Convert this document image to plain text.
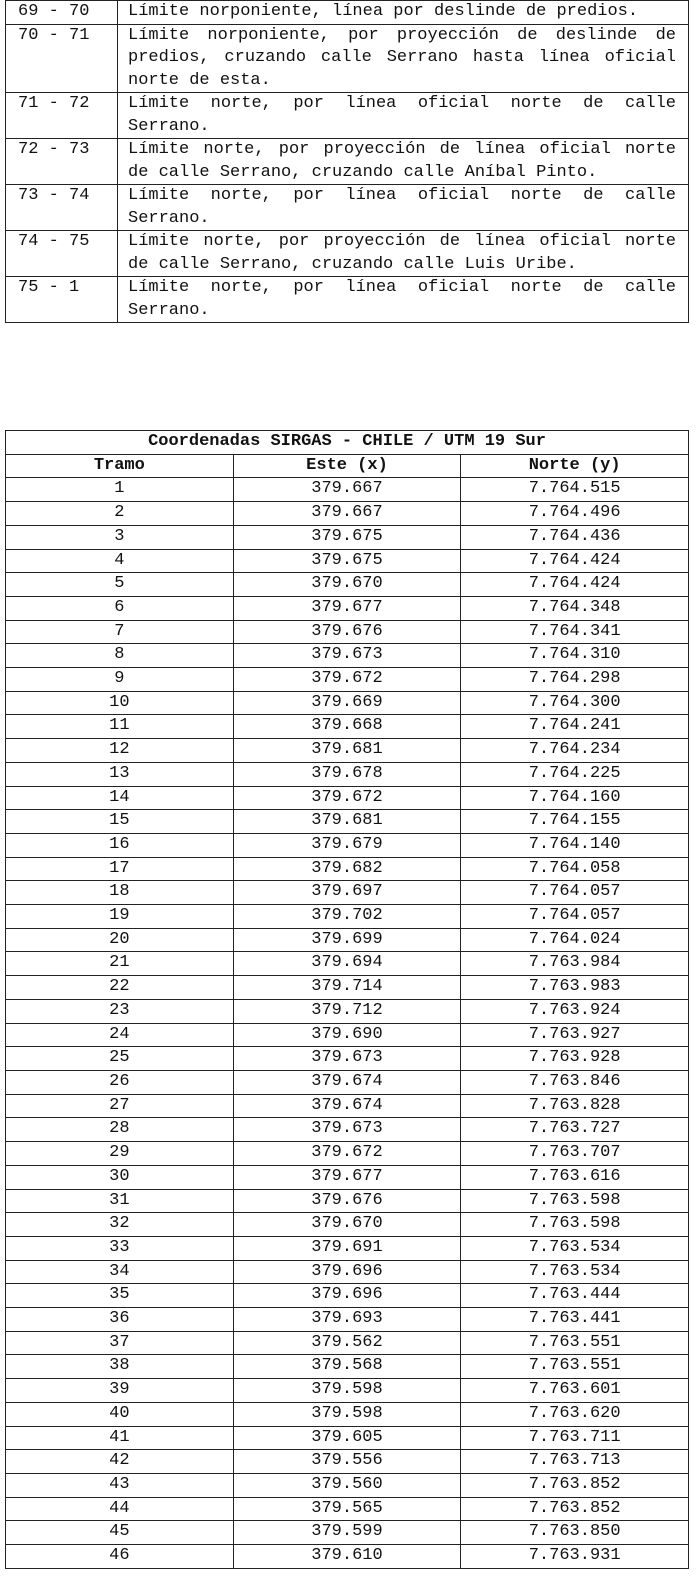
69 - 70	Límite norponiente, línea por deslinde de predios.
70 - 71	Límite norponiente, por proyección de deslinde de predios, cruzando calle Serrano hasta línea oficial norte de esta.
71 - 72	Límite norte, por línea oficial norte de calle Serrano.
72 - 73	Límite norte, por proyección de línea oficial norte de calle Serrano, cruzando calle Aníbal Pinto.
73 - 74	Límite norte, por línea oficial norte de calle Serrano.
74 - 75	Límite norte, por proyección de línea oficial norte de calle Serrano, cruzando calle Luis Uribe.
75 - 1	Límite norte, por línea oficial norte de calle Serrano.
Coordenadas SIRGAS - CHILE / UTM 19 Sur		
Tramo	Este (x)	Norte (y)
1	379.667	7.764.515
2	379.667	7.764.496
3	379.675	7.764.436
4	379.675	7.764.424
5	379.670	7.764.424
6	379.677	7.764.348
7	379.676	7.764.341
8	379.673	7.764.310
9	379.672	7.764.298
10	379.669	7.764.300
11	379.668	7.764.241
12	379.681	7.764.234
13	379.678	7.764.225
14	379.672	7.764.160
15	379.681	7.764.155
16	379.679	7.764.140
17	379.682	7.764.058
18	379.697	7.764.057
19	379.702	7.764.057
20	379.699	7.764.024
21	379.694	7.763.984
22	379.714	7.763.983
23	379.712	7.763.924
24	379.690	7.763.927
25	379.673	7.763.928
26	379.674	7.763.846
27	379.674	7.763.828
28	379.673	7.763.727
29	379.672	7.763.707
30	379.677	7.763.616
31	379.676	7.763.598
32	379.670	7.763.598
33	379.691	7.763.534
34	379.696	7.763.534
35	379.696	7.763.444
36	379.693	7.763.441
37	379.562	7.763.551
38	379.568	7.763.551
39	379.598	7.763.601
40	379.598	7.763.620
41	379.605	7.763.711
42	379.556	7.763.713
43	379.560	7.763.852
44	379.565	7.763.852
45	379.599	7.763.850
46	379.610	7.763.931
